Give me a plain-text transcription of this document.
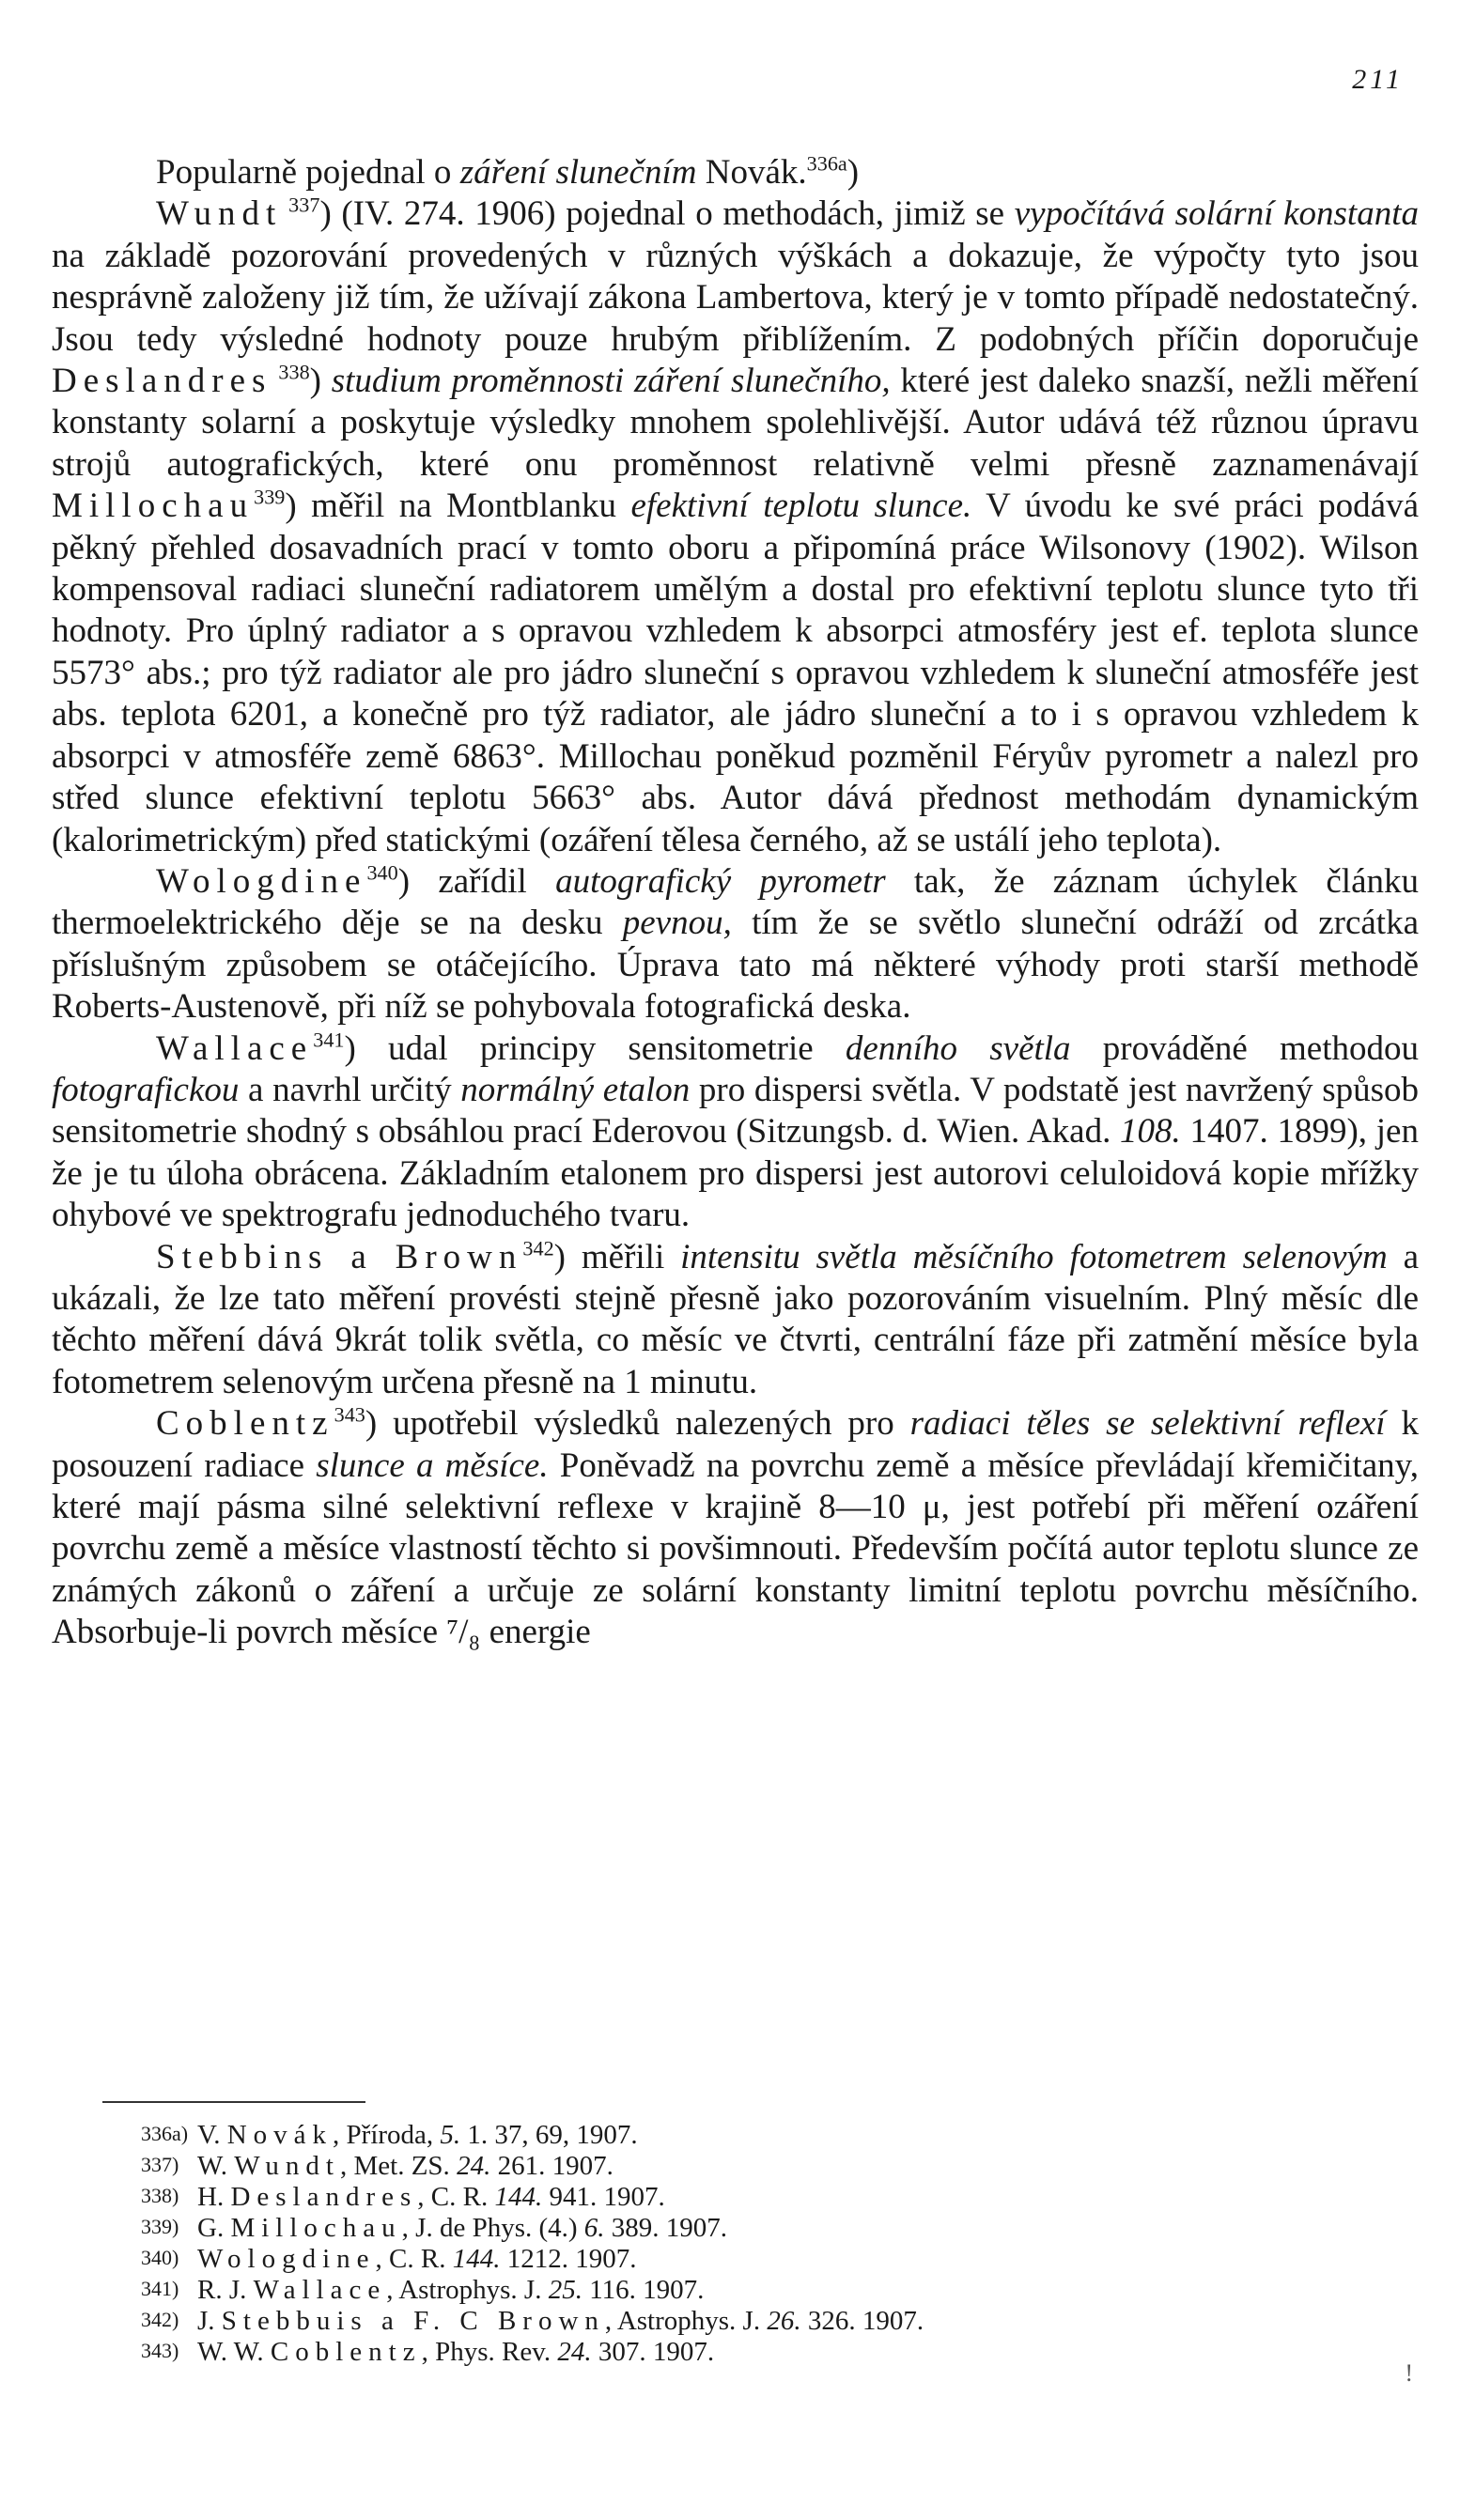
211

Popularně pojednal o záření slunečním Novák.$^{336a}$)

Wundt $^{337}$) (IV. 274. 1906) pojednal o methodách, jimiž se vypočítává solární konstanta na základě pozorování provedených v různých výškách a dokazuje, že výpočty tyto jsou nesprávně založeny již tím, že užívají zákona Lambertova, který je v tomto případě nedostatečný. Jsou tedy výsledné hodnoty pouze hrubým přiblížením. Z podobných příčin doporučuje Deslandres $^{338}$) studium proměnnosti záření slunečního, které jest daleko snazší, nežli měření konstanty solarní a poskytuje výsledky mnohem spolehlivější. Autor udává též různou úpravu strojů autografických, které onu proměnnost relativně velmi přesně zaznamenávají Millochau$^{339}$) měřil na Montblanku efektivní teplotu slunce. V úvodu ke své práci podává pěkný přehled dosavadních prací v tomto oboru a připomíná práce Wilsonovy (1902). Wilson kompensoval radiaci sluneční radiatorem umělým a dostal pro efektivní teplotu slunce tyto tři hodnoty. Pro úplný radiator a s opravou vzhledem k absorpci atmosféry jest ef. teplota slunce 5573° abs.; pro týž radiator ale pro jádro sluneční s opravou vzhledem k sluneční atmosféře jest abs. teplota 6201, a konečně pro týž radiator, ale jádro sluneční a to i s opravou vzhledem k absorpci v atmosféře země 6863°. Millochau poněkud pozměnil Féryův pyrometr a nalezl pro střed slunce efektivní teplotu 5663° abs. Autor dává přednost methodám dynamickým (kalorimetrickým) před statickými (ozáření tělesa černého, až se ustálí jeho teplota).

Wologdine$^{340}$) zařídil autografický pyrometr tak, že záznam úchylek článku thermoelektrického děje se na desku pevnou, tím že se světlo sluneční odráží od zrcátka příslušným způsobem se otáčejícího. Úprava tato má některé výhody proti starší methodě Roberts-Austenově, při níž se pohybovala fotografická deska.

Wallace$^{341}$) udal principy sensitometrie denního světla prováděné methodou fotografickou a navrhl určitý normálný etalon pro dispersi světla. V podstatě jest navržený spůsob sensitometrie shodný s obsáhlou prací Ederovou (Sitzungsb. d. Wien. Akad. 108. 1407. 1899), jen že je tu úloha obrácena. Základním etalonem pro dispersi jest autorovi celuloidová kopie mřížky ohybové ve spektrografu jednoduchého tvaru.

Stebbins a Brown$^{342}$) měřili intensitu světla měsíčního fotometrem selenovým a ukázali, že lze tato měření provésti stejně přesně jako pozorováním visuelním. Plný měsíc dle těchto měření dává 9krát tolik světla, co měsíc ve čtvrti, centrální fáze při zatmění měsíce byla fotometrem selenovým určena přesně na 1 minutu.

Coblentz$^{343}$) upotřebil výsledků nalezených pro radiaci těles se selektivní reflexí k posouzení radiace slunce a měsíce. Poněvadž na povrchu země a měsíce převládají křemičitany, které mají pásma silné selektivní reflexe v krajině 8—10 μ, jest potřebí při měření ozáření povrchu země a měsíce vlastností těchto si povšimnouti. Především počítá autor teplotu slunce ze známých zákonů o záření a určuje ze solární konstanty limitní teplotu povrchu měsíčního. Absorbuje-li povrch měsíce ⁷/₈ energie

336a) V. Novák, Příroda, 5. 1. 37, 69, 1907.

337) W. Wundt, Met. ZS. 24. 261. 1907.

338) H. Deslandres, C. R. 144. 941. 1907.

339) G. Millochau, J. de Phys. (4.) 6. 389. 1907.

340) Wologdine, C. R. 144. 1212. 1907.

341) R. J. Wallace, Astrophys. J. 25. 116. 1907.

342) J. Stebbuis a F. C Brown, Astrophys. J. 26. 326. 1907.

343) W. W. Coblentz, Phys. Rev. 24. 307. 1907.

!
